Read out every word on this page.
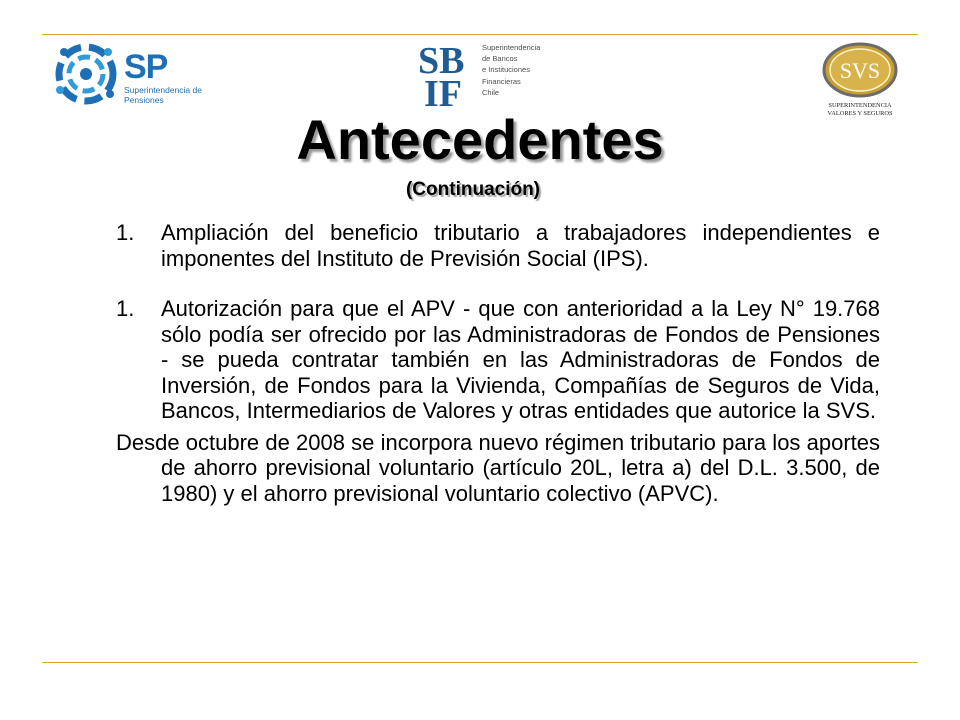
SP
Superintendencia de
Pensiones
SB
IF
Superintendencia
de Bancos
e Instituciones
Financieras
Chile
SVS
SUPERINTENDENCIA
VALORES Y SEGUROS
Antecedentes
(Continuación)
1. Ampliación del beneficio tributario a trabajadores independientes e imponentes del Instituto de Previsión Social (IPS).
1. Autorización para que el APV - que con anterioridad a la Ley N° 19.768 sólo podía ser ofrecido por las Administradoras de Fondos de Pensiones - se pueda contratar también en las Administradoras de Fondos de Inversión, de Fondos para la Vivienda, Compañías de Seguros de Vida, Bancos, Intermediarios de Valores y otras entidades que autorice la SVS.
Desde octubre de 2008 se incorpora nuevo régimen tributario para los aportes de ahorro previsional voluntario (artículo 20L, letra a) del D.L. 3.500, de 1980) y el ahorro previsional voluntario colectivo (APVC).
